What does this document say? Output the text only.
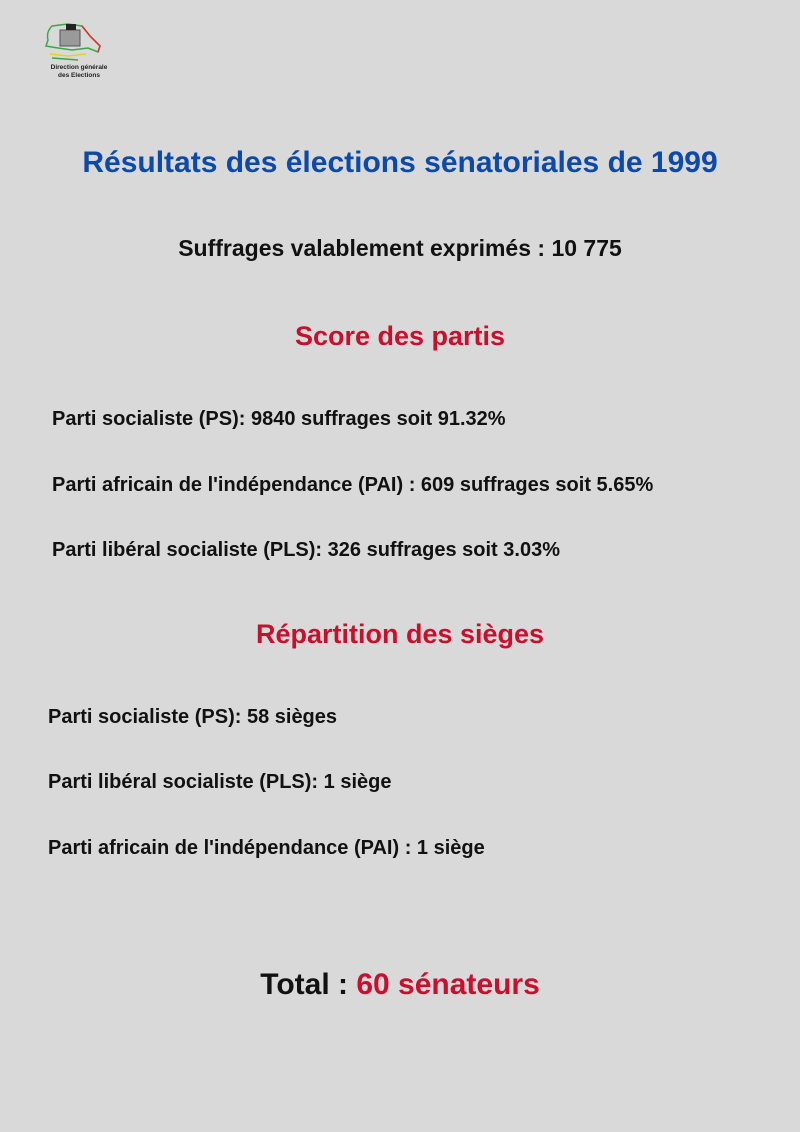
Direction générale
des Elections
Résultats des élections sénatoriales de 1999
Suffrages valablement exprimés : 10 775
Score des partis
Parti socialiste (PS): 9840 suffrages soit 91.32%
Parti africain de l'indépendance (PAI) : 609 suffrages soit 5.65%
Parti libéral socialiste (PLS): 326 suffrages soit 3.03%
Répartition des sièges
Parti socialiste (PS): 58 sièges
Parti libéral socialiste (PLS): 1 siège
Parti africain de l'indépendance (PAI) : 1 siège
Total : 60 sénateurs
